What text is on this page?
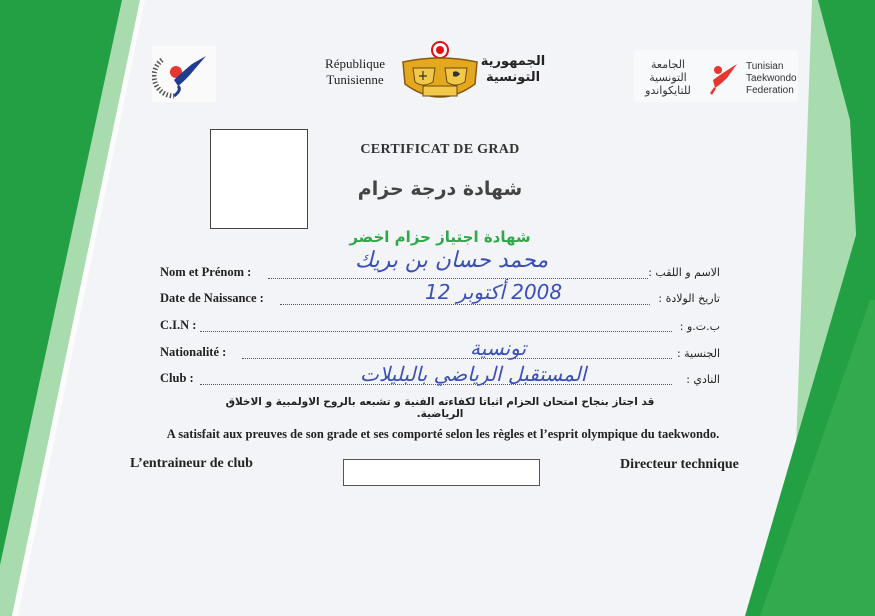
République
Tunisienne
الجمهورية
التونسية
الجامعة
التونسية
للتايكواندو
Tunisian
Taekwondo
Federation
CERTIFICAT DE GRAD
شهادة درجة حزام
شهادة اجتياز حزام اخضر
Nom et Prénom :	الاسم و اللقب :
محمد حسان بن بريك
Date de Naissance :	تاريخ الولادة :
2008 أكتوبر 12
C.I.N :	ب.ت.و :
Nationalité :	الجنسية :
تونسية
Club :	النادي :
المستقبل الرياضي بالبليلات
قد اجتاز بنجاح امتحان الحزام اثباتا لكفاءته الفنية و تشبعه بالروح الاولمبية و الاخلاق الرياضية.
A satisfait aux preuves de son grade et ses comporté selon les règles et l’esprit olympique du taekwondo.
L’entraineur de club	Directeur technique
